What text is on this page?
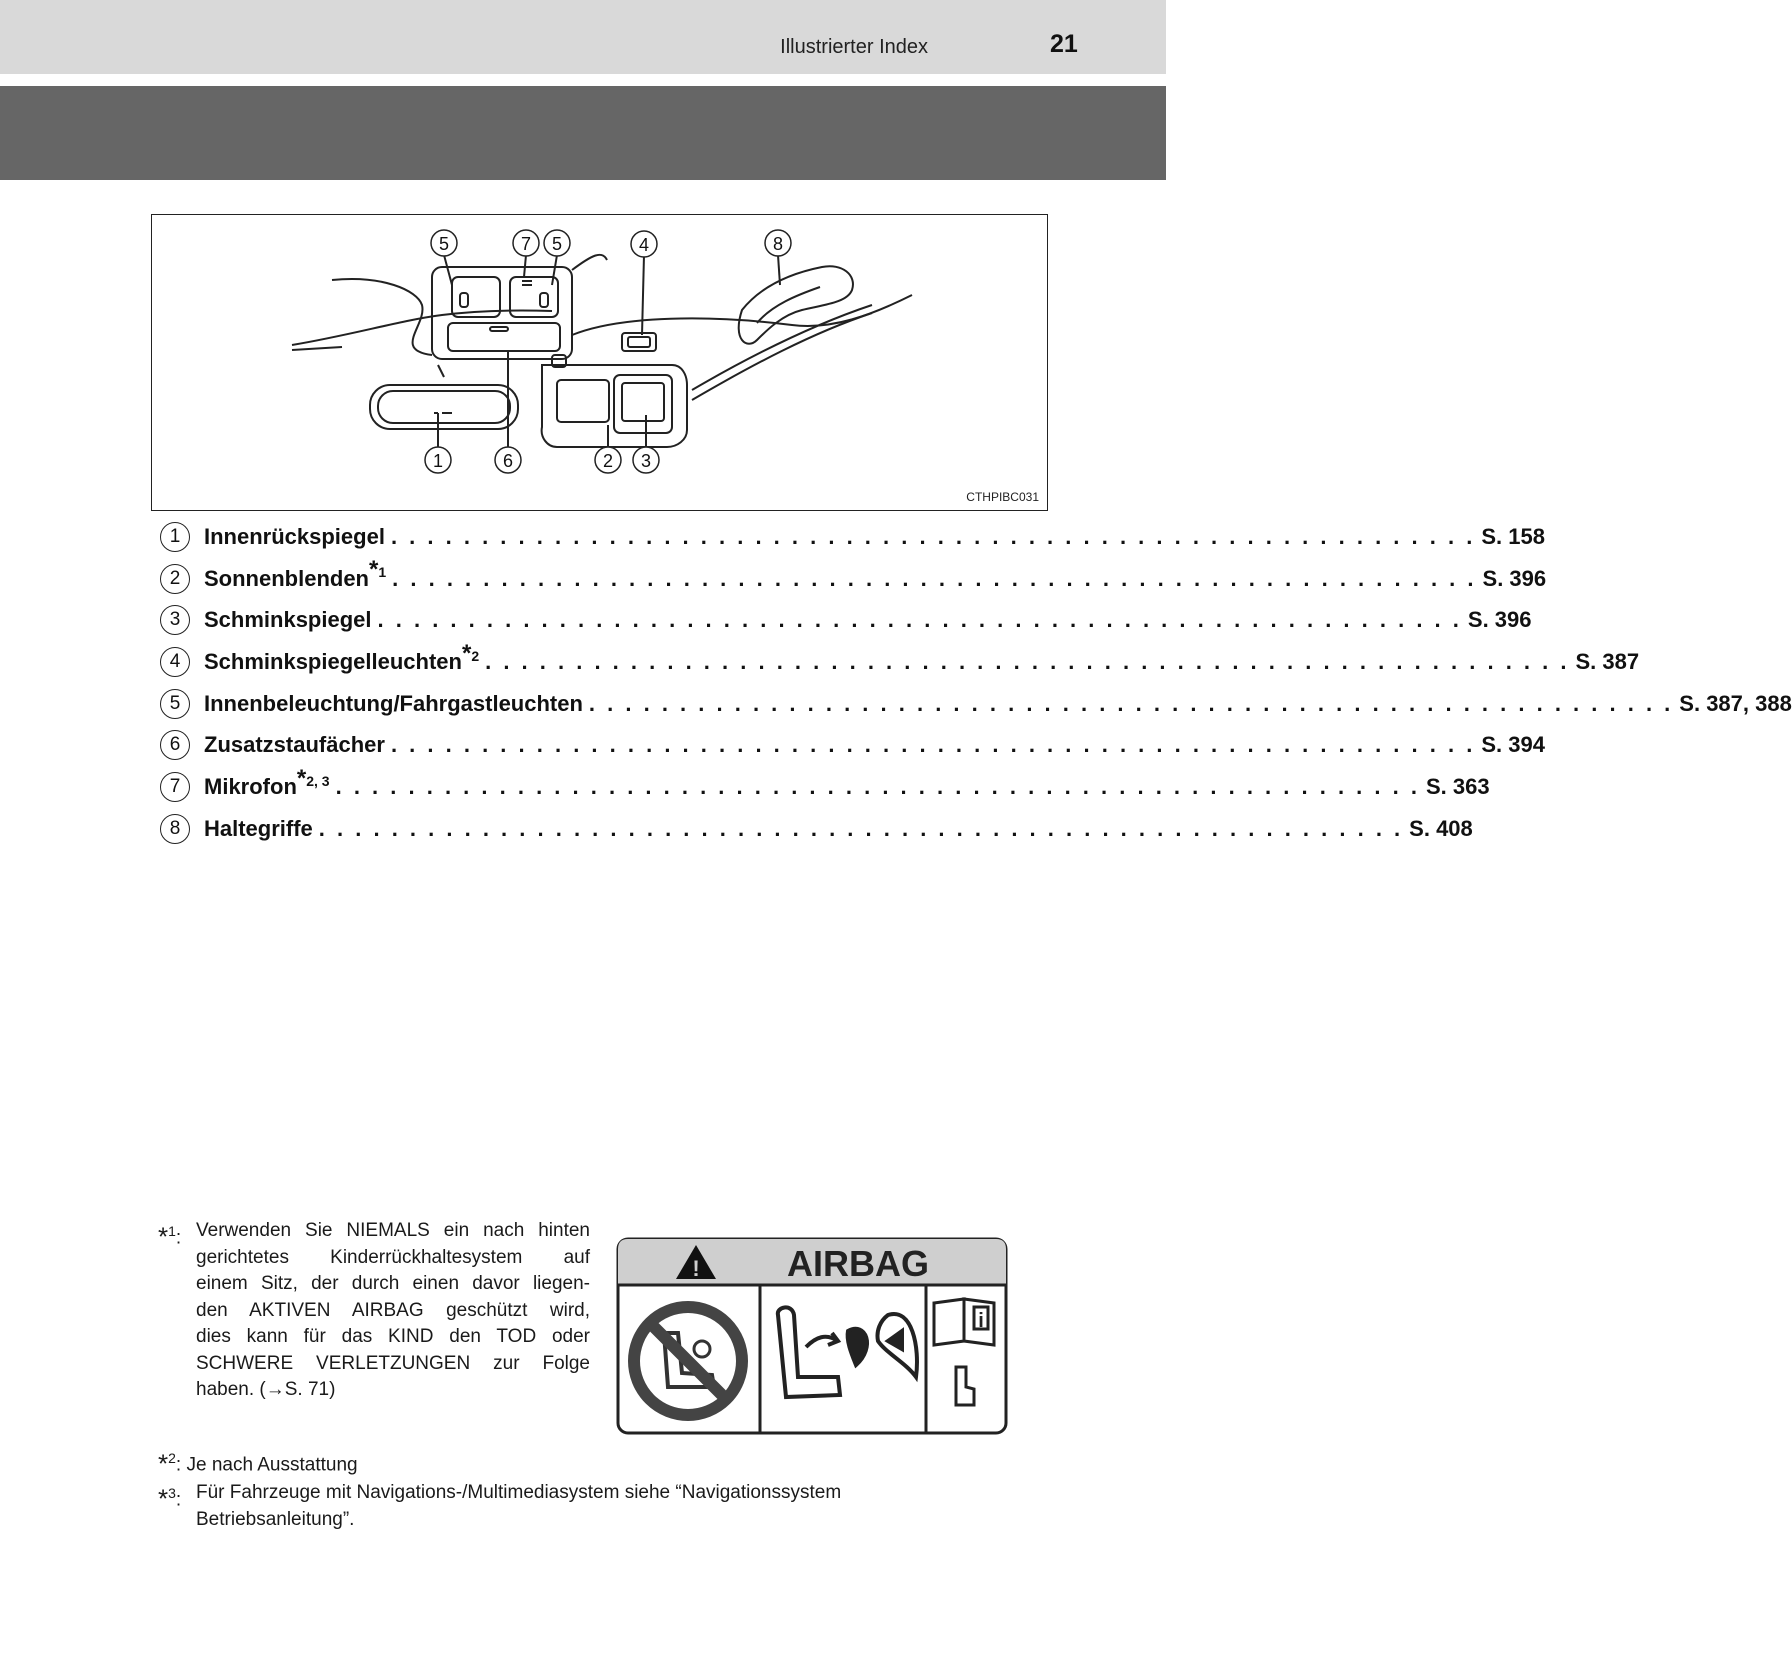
Illustrierter Index	21
5	7 5	4	8
1	6	2 3
CTHPIBC031
1	Innenrückspiegel . . . . . . . . . . . . . . . . . . . . . . . . . . . . . . . . . . . . . . . . . . . . . . . . . . . . . . . . . . . . S. 158
2	Sonnenblenden$^{*1}$ . . . . . . . . . . . . . . . . . . . . . . . . . . . . . . . . . . . . . . . . . . . . . . . . . . . . . . . . . . . . S. 396
3	Schminkspiegel . . . . . . . . . . . . . . . . . . . . . . . . . . . . . . . . . . . . . . . . . . . . . . . . . . . . . . . . . . . . S. 396
4	Schminkspiegelleuchten$^{*2}$ . . . . . . . . . . . . . . . . . . . . . . . . . . . . . . . . . . . . . . . . . . . . . . . . . . . . . . . . . . . . S. 387
5	Innenbeleuchtung/Fahrgastleuchten . . . . . . . . . . . . . . . . . . . . . . . . . . . . . . . . . . . . . . . . . . . . . . . . . . . . . . . . . . . . S. 387, 388
6	Zusatzstaufächer . . . . . . . . . . . . . . . . . . . . . . . . . . . . . . . . . . . . . . . . . . . . . . . . . . . . . . . . . . . . S. 394
7	Mikrofon$^{*2, 3}$ . . . . . . . . . . . . . . . . . . . . . . . . . . . . . . . . . . . . . . . . . . . . . . . . . . . . . . . . . . . . S. 363
8	Haltegriffe . . . . . . . . . . . . . . . . . . . . . . . . . . . . . . . . . . . . . . . . . . . . . . . . . . . . . . . . . . . . S. 408
*$^1$: Verwenden Sie NIEMALS ein nach hinten
gerichtetes Kinderrückhaltesystem auf
einem Sitz, der durch einen davor liegen-
den AKTIVEN AIRBAG geschützt wird,
dies kann für das KIND den TOD oder
SCHWERE VERLETZUNGEN zur Folge
haben. (→S. 71)
! AIRBAG
i
*$^2$: Je nach Ausstattung
*$^3$: Für Fahrzeuge mit Navigations-/Multimediasystem siehe “Navigationssystem
Betriebsanleitung”.
